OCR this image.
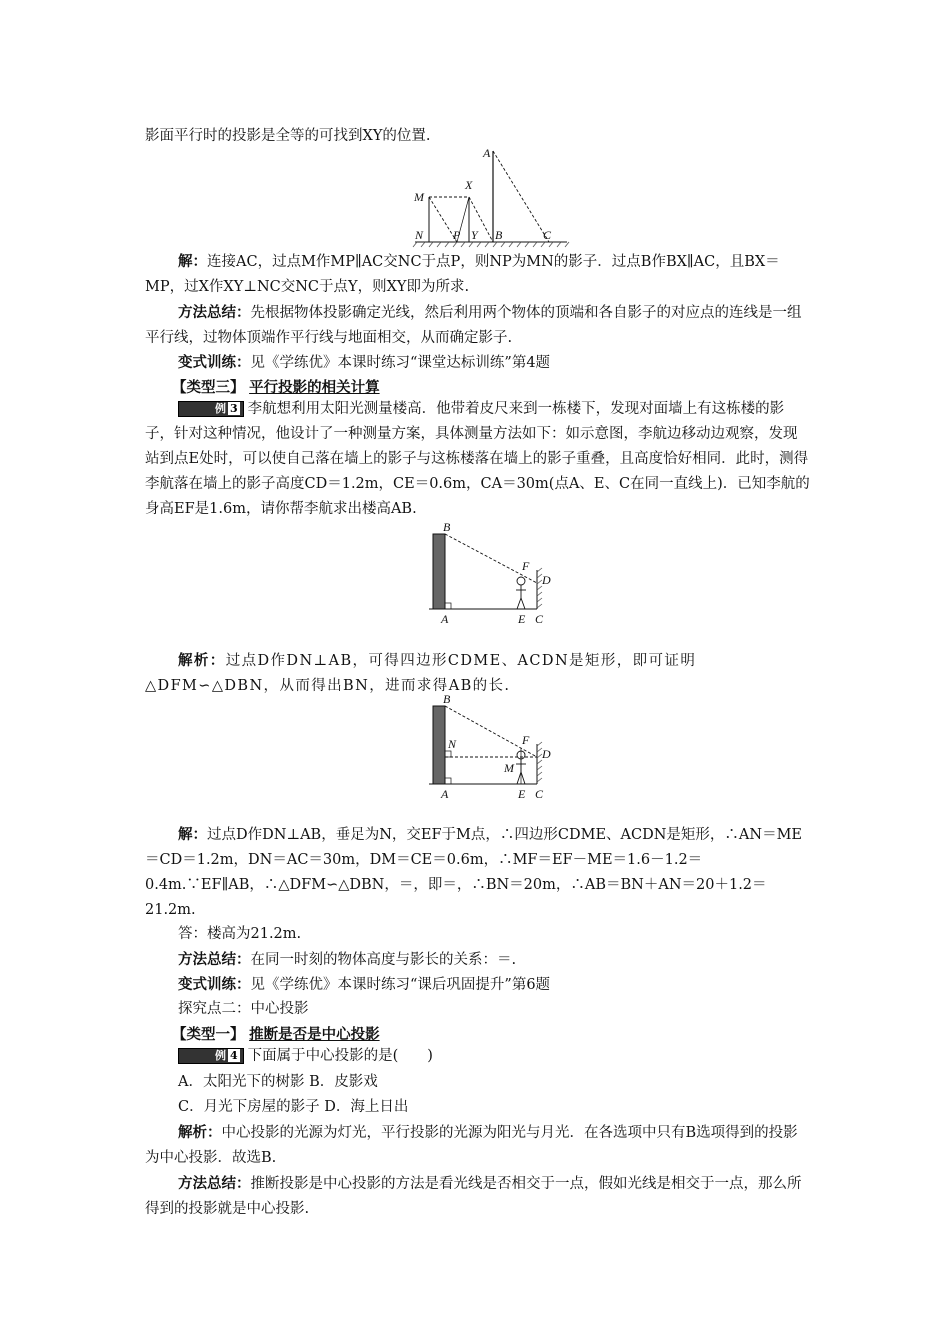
影面平行时的投影是全等的可找到XY的位置.
A
M
X
N P Y B	C
解：连接AC，过点M作MP∥AC交NC于点P，则NP为MN的影子．过点B作BX∥AC，且BX＝MP，过X作XY⊥NC交NC于点Y，则XY即为所求.
方法总结：先根据物体投影确定光线，然后利用两个物体的顶端和各自影子的对应点的连线是一组平行线，过物体顶端作平行线与地面相交，从而确定影子.
变式训练：见《学练优》本课时练习“课堂达标训练”第4题
【类型三】 平行投影的相关计算
例 3 李航想利用太阳光测量楼高．他带着皮尺来到一栋楼下，发现对面墙上有这栋楼的影子，针对这种情况，他设计了一种测量方案，具体测量方法如下：如示意图，李航边移动边观察，发现站到点E处时，可以使自己落在墙上的影子与这栋楼落在墙上的影子重叠，且高度恰好相同．此时，测得李航落在墙上的影子高度CD＝1.2m，CE＝0.6m，CA＝30m(点A、E、C在同一直线上)．已知李航的身高EF是1.6m，请你帮李航求出楼高AB.
B
F
D
A	E C
解析：过点D作DN⊥AB，可得四边形CDME、ACDN是矩形，即可证明△DFM∽△DBN，从而得出BN，进而求得AB的长.
B
N	F
D
M
A	E C
解：过点D作DN⊥AB，垂足为N，交EF于M点，∴四边形CDME、ACDN是矩形，∴AN＝ME＝CD＝1.2m，DN＝AC＝30m，DM＝CE＝0.6m，∴MF＝EF－ME＝1.6－1.2＝0.4m.∵EF∥AB，∴△DFM∽△DBN，＝，即＝，∴BN＝20m，∴AB＝BN＋AN＝20＋1.2＝21.2m.
答：楼高为21.2m.
方法总结：在同一时刻的物体高度与影长的关系：＝.
变式训练：见《学练优》本课时练习“课后巩固提升”第6题
探究点二：中心投影
【类型一】 推断是否是中心投影
例 4 下面属于中心投影的是(　　)
A．太阳光下的树影 B．皮影戏
C．月光下房屋的影子 D．海上日出
解析：中心投影的光源为灯光，平行投影的光源为阳光与月光．在各选项中只有B选项得到的投影为中心投影．故选B.
方法总结：推断投影是中心投影的方法是看光线是否相交于一点，假如光线是相交于一点，那么所得到的投影就是中心投影.
